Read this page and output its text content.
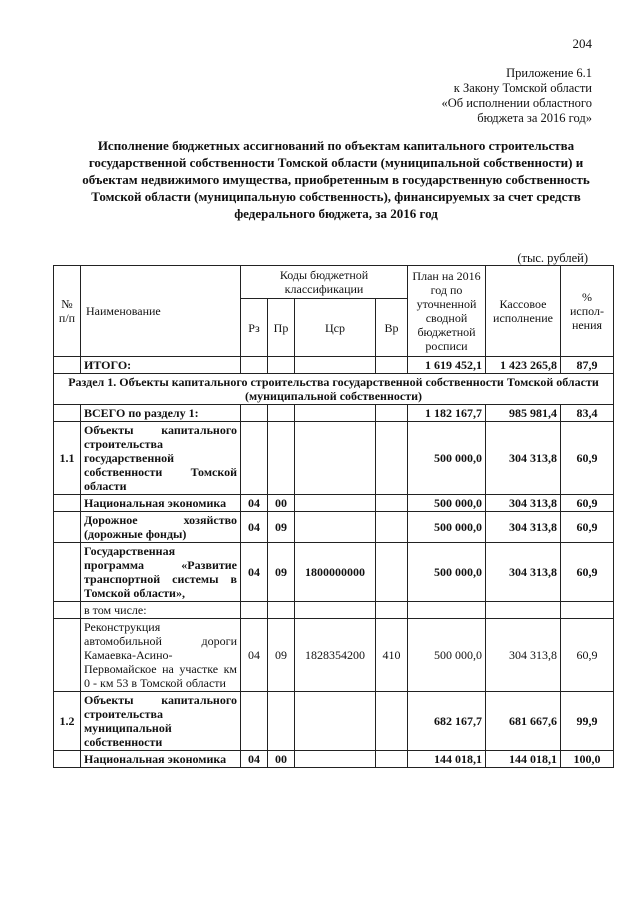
204
Приложение 6.1
к Закону Томской области
«Об исполнении областного
бюджета за 2016 год»
Исполнение бюджетных ассигнований по объектам капитального строительства государственной собственности Томской области (муниципальной собственности) и объектам недвижимого имущества, приобретенным в государственную собственность Томской области (муниципальную собственность), финансируемых за счет средств федерального бюджета, за 2016 год
(тыс. рублей)
№ п/п	Наименование	Коды бюджетной классификации				План на 2016 год по уточненной сводной бюджетной росписи	Кассовое исполнение	% испол-нения
		Рз	Пр	Цср	Вр			
	ИТОГО:					1 619 452,1	1 423 265,8	87,9
Раздел 1. Объекты капитального строительства государственной собственности Томской области (муниципальной собственности)								
	ВСЕГО по разделу 1:					1 182 167,7	985 981,4	83,4
1.1	Объекты капитального строительства государственной собственности Томской области					500 000,0	304 313,8	60,9
	Национальная экономика	04	00			500 000,0	304 313,8	60,9
	Дорожное хозяйство (дорожные фонды)	04	09			500 000,0	304 313,8	60,9
	Государственная программа «Развитие транспортной системы в Томской области»,	04	09	1800000000		500 000,0	304 313,8	60,9
	в том числе:							
	Реконструкция автомобильной дороги Камаевка-Асино-Первомайское на участке км 0 - км 53 в Томской области	04	09	1828354200	410	500 000,0	304 313,8	60,9
1.2	Объекты капитального строительства муниципальной собственности					682 167,7	681 667,6	99,9
	Национальная экономика	04	00			144 018,1	144 018,1	100,0
